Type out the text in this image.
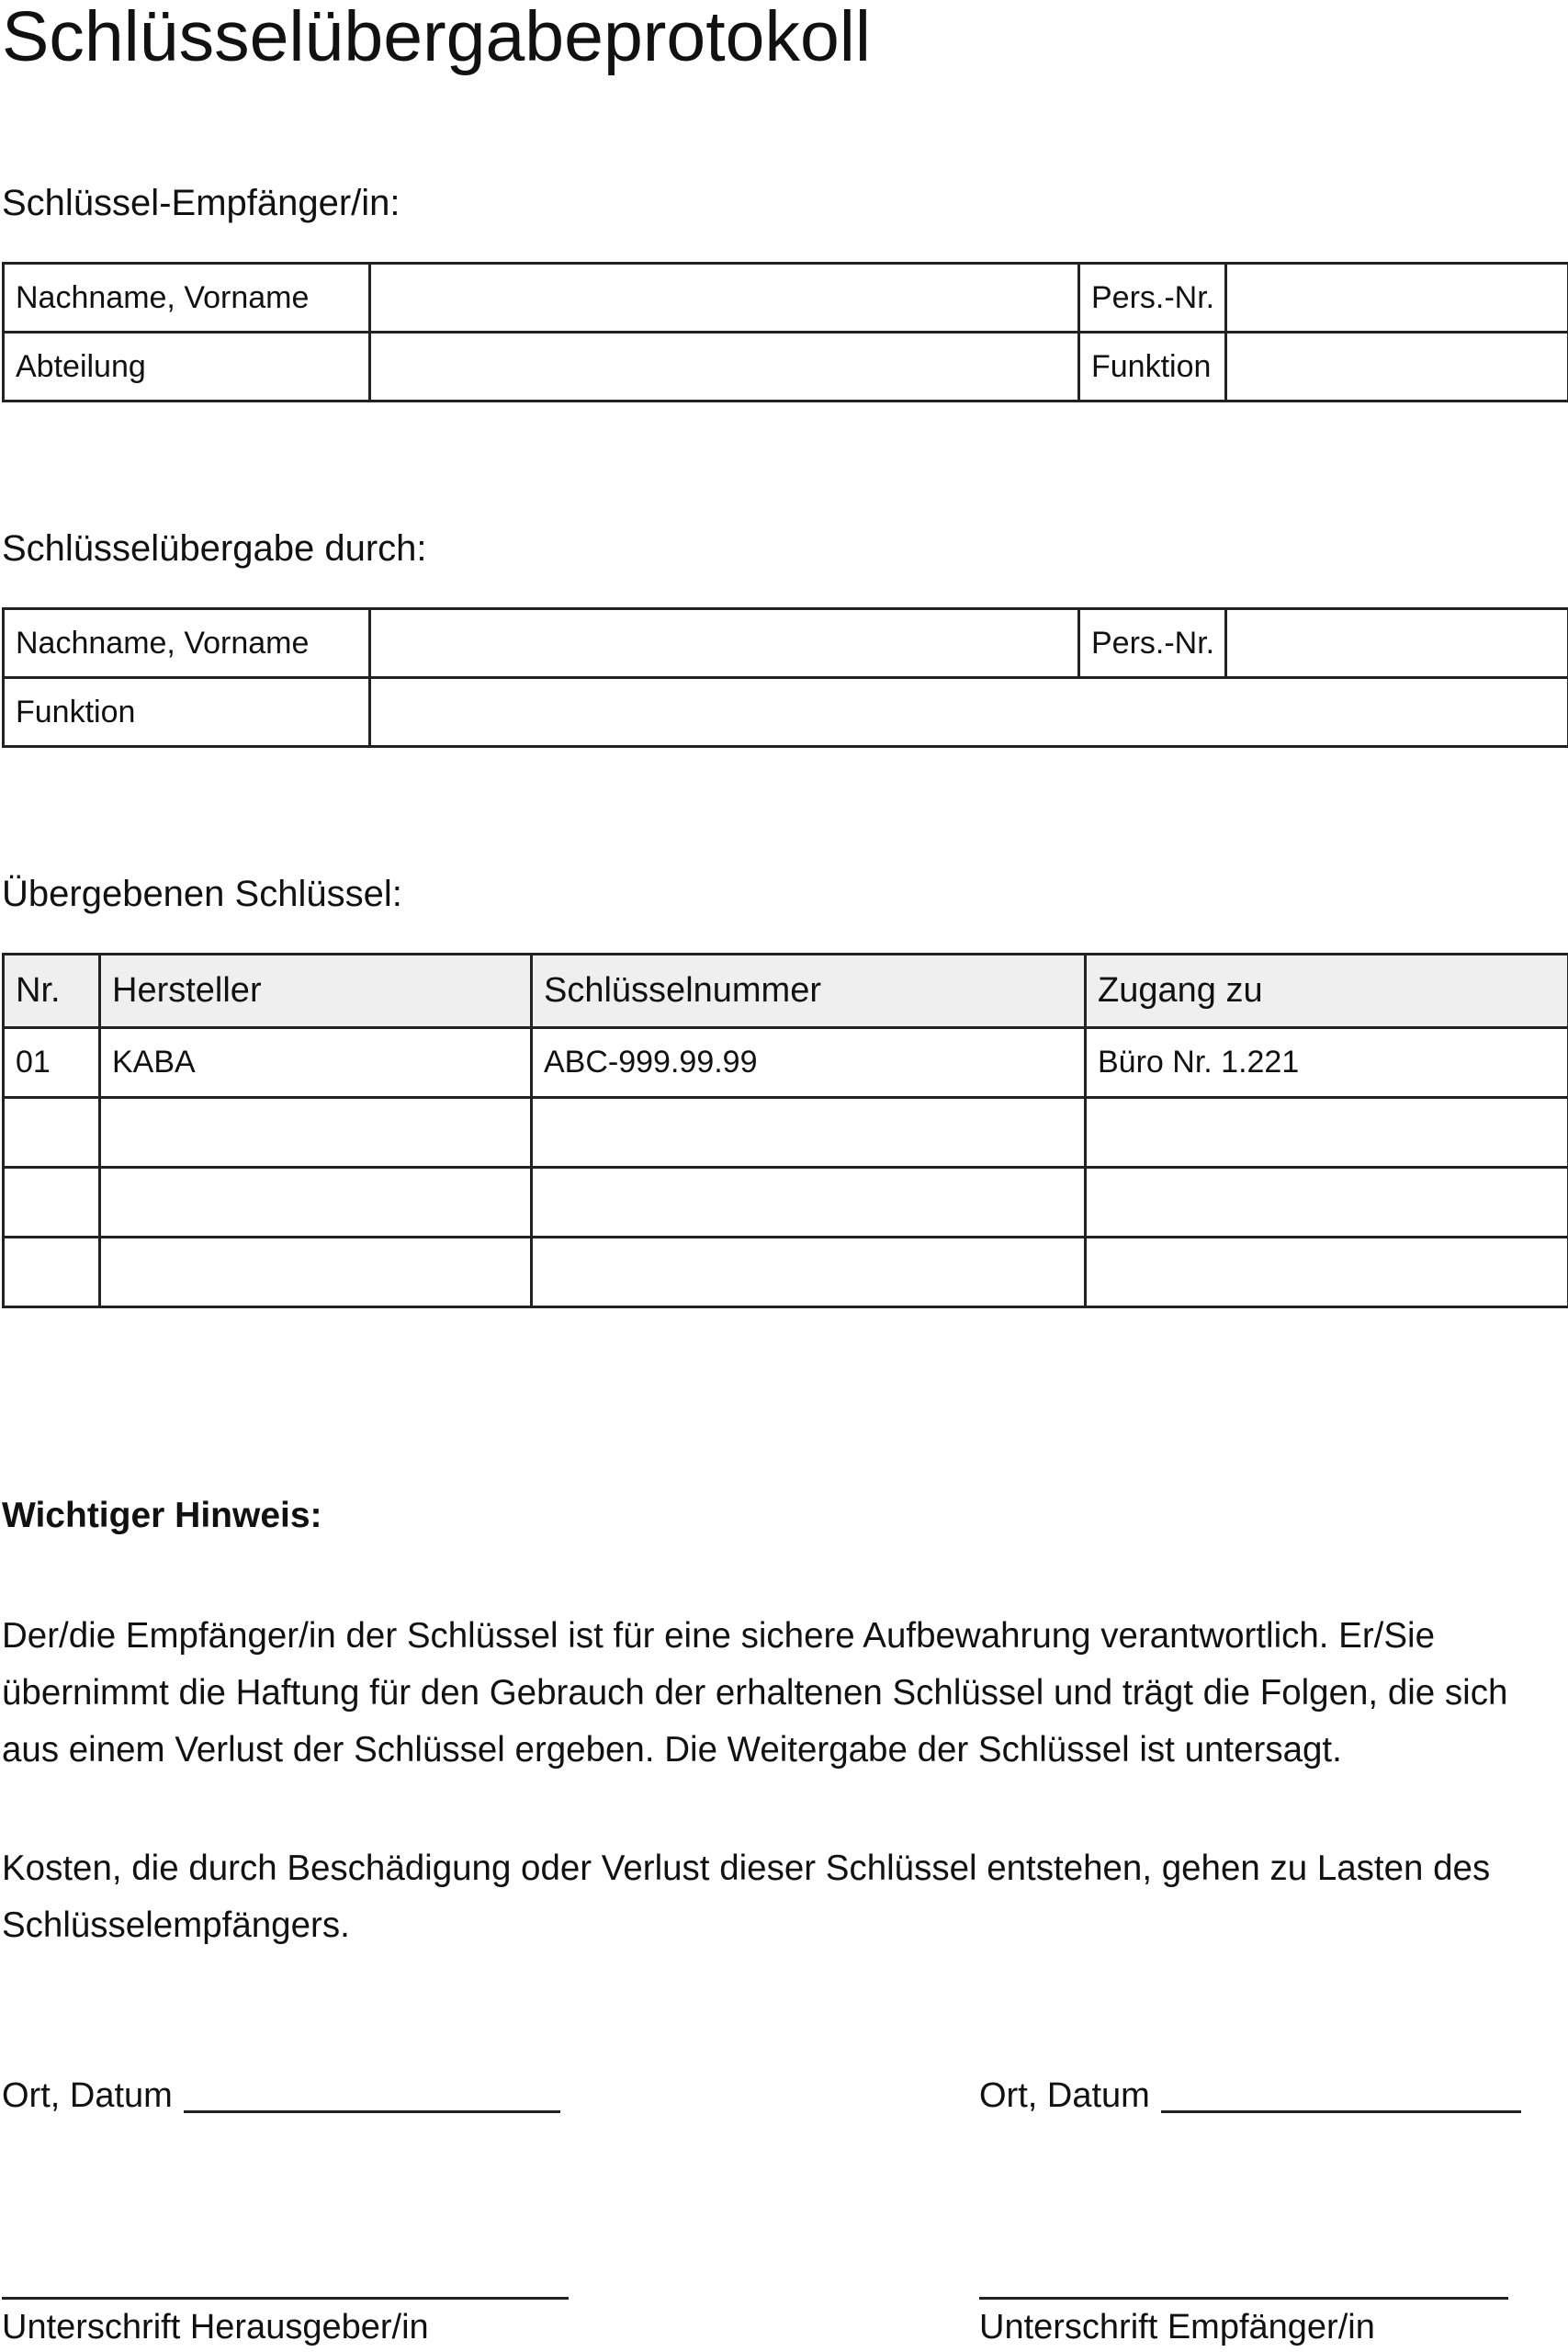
Schlüsselübergabeprotokoll
Schlüssel-Empfänger/in:
Nachname, Vorname		Pers.-Nr.	
Abteilung		Funktion	
Schlüsselübergabe durch:
Nachname, Vorname		Pers.-Nr.	
Funktion			
Übergebenen Schlüssel:
Nr.	Hersteller	Schlüsselnummer	Zugang zu
01	KABA	ABC-999.99.99	Büro Nr. 1.221

Wichtiger Hinweis:
Der/die Empfänger/in der Schlüssel ist für eine sichere Aufbewahrung verantwortlich. Er/Sie übernimmt die Haftung für den Gebrauch der erhaltenen Schlüssel und trägt die Folgen, die sich aus einem Verlust der Schlüssel ergeben. Die Weitergabe der Schlüssel ist untersagt.
Kosten, die durch Beschädigung oder Verlust dieser Schlüssel entstehen, gehen zu Lasten des Schlüsselempfängers.
Ort, Datum	Ort, Datum
Unterschrift Herausgeber/in	Unterschrift Empfänger/in
